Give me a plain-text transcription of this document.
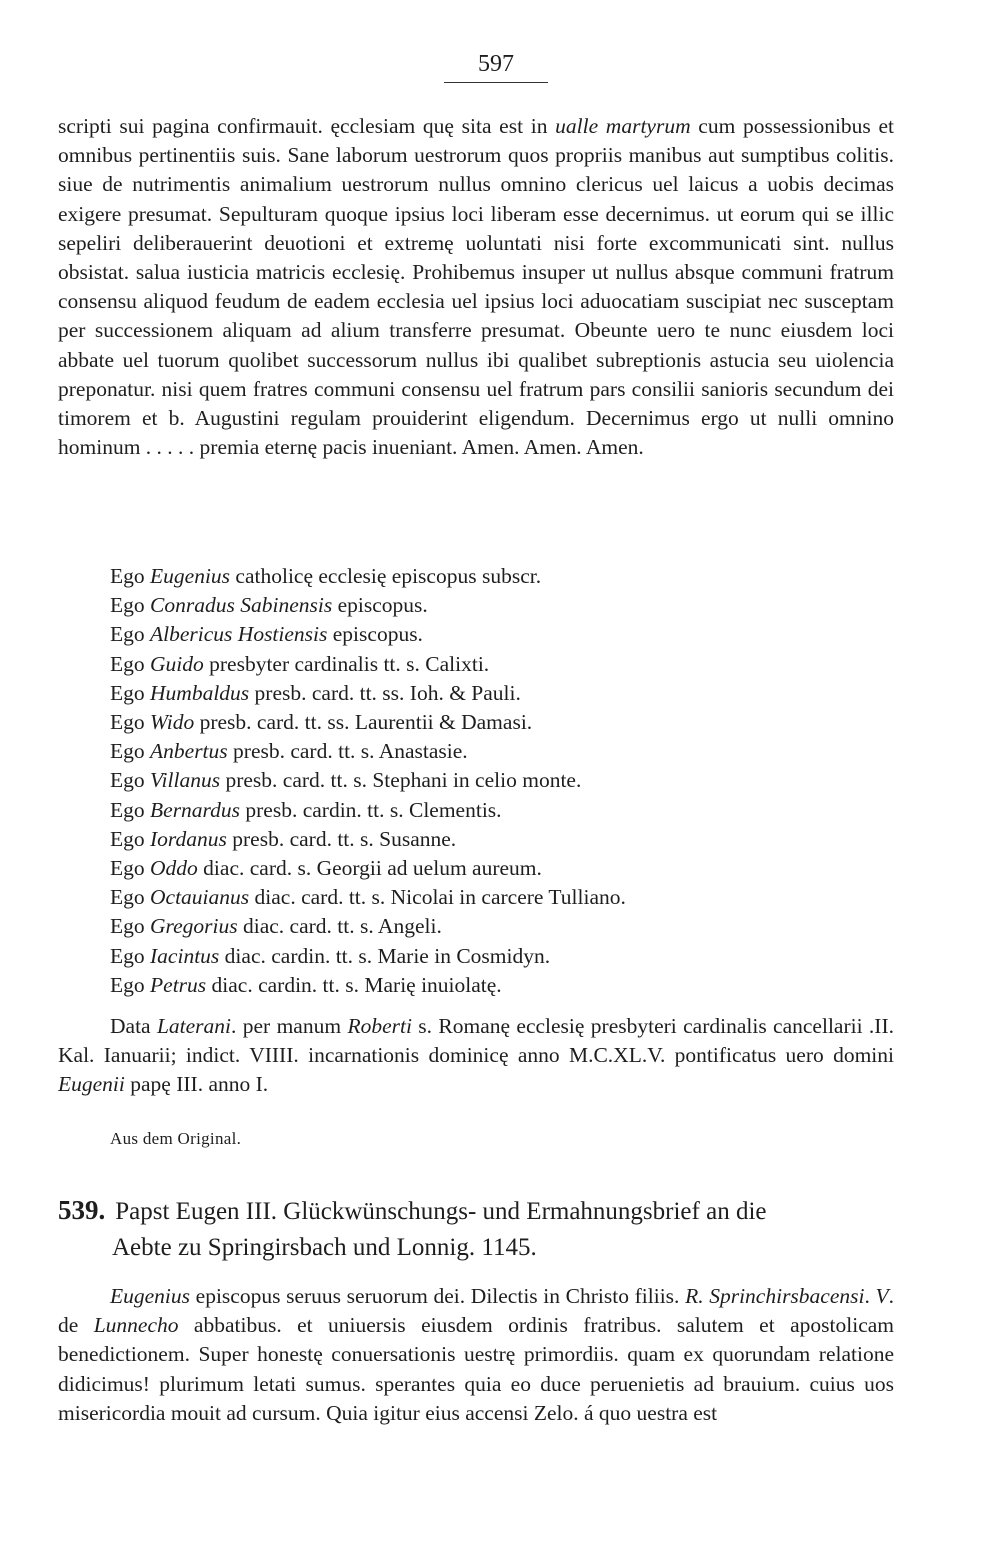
597

scripti sui pagina confirmauit. ęcclesiam quę sita est in ualle martyrum cum possessionibus et omnibus pertinentiis suis. Sane laborum uestrorum quos propriis manibus aut sumptibus colitis. siue de nutrimentis animalium uestrorum nullus omnino clericus uel laicus a uobis decimas exigere presumat. Sepulturam quoque ipsius loci liberam esse decernimus. ut eorum qui se illic sepeliri deliberauerint deuotioni et extremę uoluntati nisi forte excommunicati sint. nullus obsistat. salua iusticia matricis ecclesię. Prohibemus insuper ut nullus absque communi fratrum consensu aliquod feudum de eadem ecclesia uel ipsius loci aduocatiam suscipiat nec susceptam per successionem aliquam ad alium transferre presumat. Obeunte uero te nunc eiusdem loci abbate uel tuorum quolibet successorum nullus ibi qualibet subreptionis astucia seu uiolencia preponatur. nisi quem fratres communi consensu uel fratrum pars consilii sanioris secundum dei timorem et b. Augustini regulam prouiderint eligendum. Decernimus ergo ut nulli omnino hominum . . . . . premia eternę pacis inueniant. Amen. Amen. Amen.

Ego Eugenius catholicę ecclesię episcopus subscr.
Ego Conradus Sabinensis episcopus.
Ego Albericus Hostiensis episcopus.
Ego Guido presbyter cardinalis tt. s. Calixti.
Ego Humbaldus presb. card. tt. ss. Ioh. & Pauli.
Ego Wido presb. card. tt. ss. Laurentii & Damasi.
Ego Anbertus presb. card. tt. s. Anastasie.
Ego Villanus presb. card. tt. s. Stephani in celio monte.
Ego Bernardus presb. cardin. tt. s. Clementis.
Ego Iordanus presb. card. tt. s. Susanne.
Ego Oddo diac. card. s. Georgii ad uelum aureum.
Ego Octauianus diac. card. tt. s. Nicolai in carcere Tulliano.
Ego Gregorius diac. card. tt. s. Angeli.
Ego Iacintus diac. cardin. tt. s. Marie in Cosmidyn.
Ego Petrus diac. cardin. tt. s. Marię inuiolatę.

Data Laterani. per manum Roberti s. Romanę ecclesię presbyteri cardinalis cancellarii .II. Kal. Ianuarii; indict. VIIII. incarnationis dominicę anno M.C.XL.V. pontificatus uero domini Eugenii papę III. anno I.

Aus dem Original.
539. Papst Eugen III. Glückwünschungs- und Ermahnungsbrief an die
Aebte zu Springirsbach und Lonnig. 1145.

Eugenius episcopus seruus seruorum dei. Dilectis in Christo filiis. R. Sprinchirsbacensi. V. de Lunnecho abbatibus. et uniuersis eiusdem ordinis fratribus. salutem et apostolicam benedictionem. Super honestę conuersationis uestrę primordiis. quam ex quorundam relatione didicimus! plurimum letati sumus. sperantes quia eo duce peruenietis ad brauium. cuius uos misericordia mouit ad cursum. Quia igitur eius accensi Zelo. á quo uestra est
